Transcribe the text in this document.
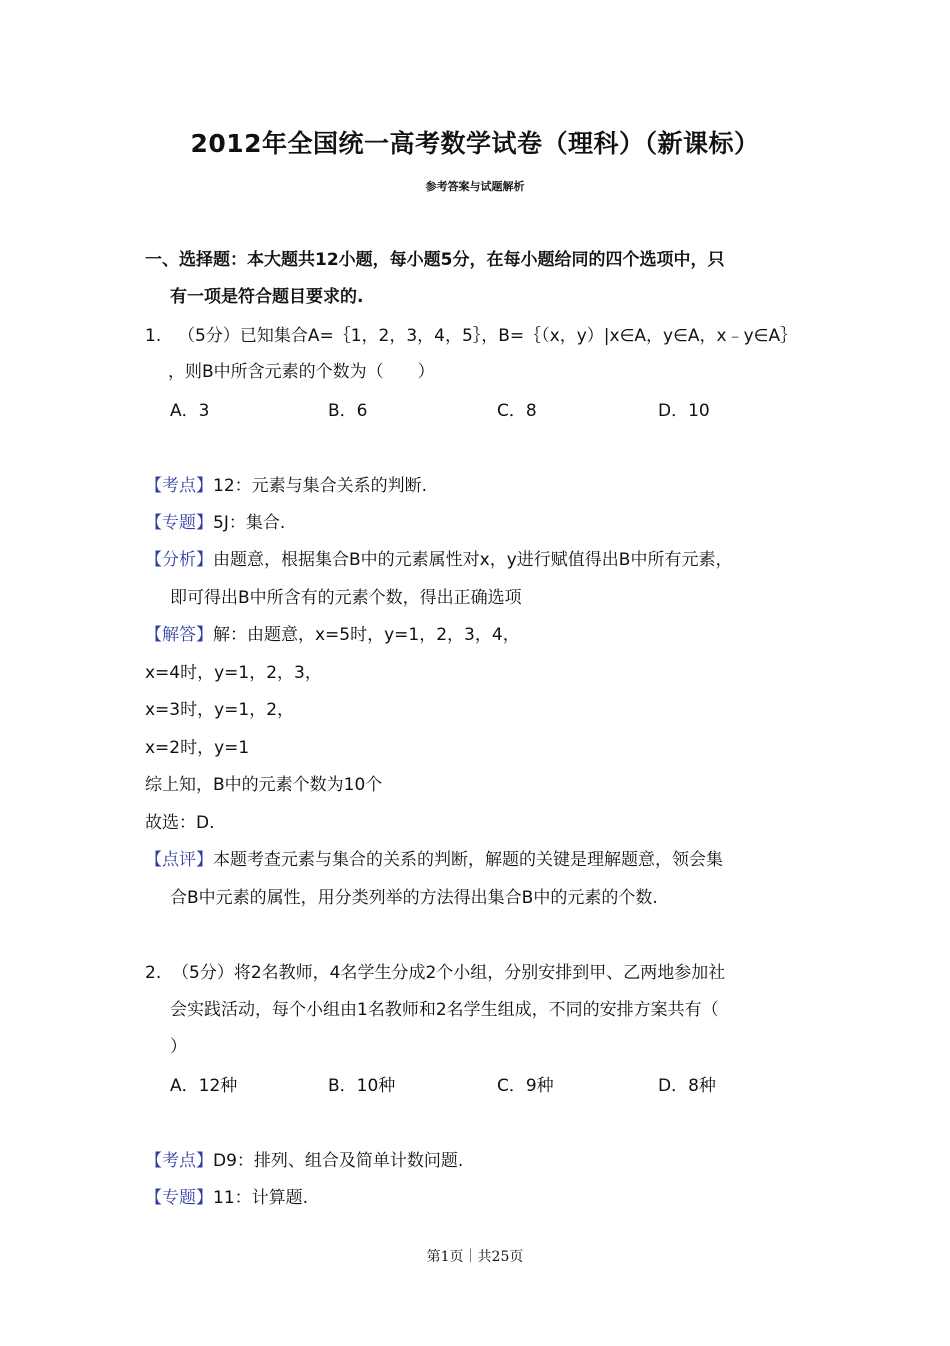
2012年全国统一高考数学试卷（理科）（新课标）
参考答案与试题解析
一、选择题：本大题共12小题，每小题5分，在每小题给同的四个选项中，只
有一项是符合题目要求的.
1. （5分）已知集合A=｛1，2，3，4，5｝，B=｛（x，y）|x∈A，y∈A，x﹣y∈A｝
，则B中所含元素的个数为（　　）
A．3	B．6	C．8	D．10
【考点】12：元素与集合关系的判断.
【专题】5J：集合.
【分析】由题意，根据集合B中的元素属性对x，y进行赋值得出B中所有元素，
即可得出B中所含有的元素个数，得出正确选项
【解答】解：由题意，x=5时，y=1，2，3，4，
x=4时，y=1，2，3，
x=3时，y=1，2，
x=2时，y=1
综上知，B中的元素个数为10个
故选：D.
【点评】本题考查元素与集合的关系的判断，解题的关键是理解题意，领会集
合B中元素的属性，用分类列举的方法得出集合B中的元素的个数.
2. （5分）将2名教师，4名学生分成2个小组，分别安排到甲、乙两地参加社
会实践活动，每个小组由1名教师和2名学生组成，不同的安排方案共有（
）
A．12种	B．10种	C．9种	D．8种
【考点】D9：排列、组合及简单计数问题.
【专题】11：计算题.
第1页｜共25页
